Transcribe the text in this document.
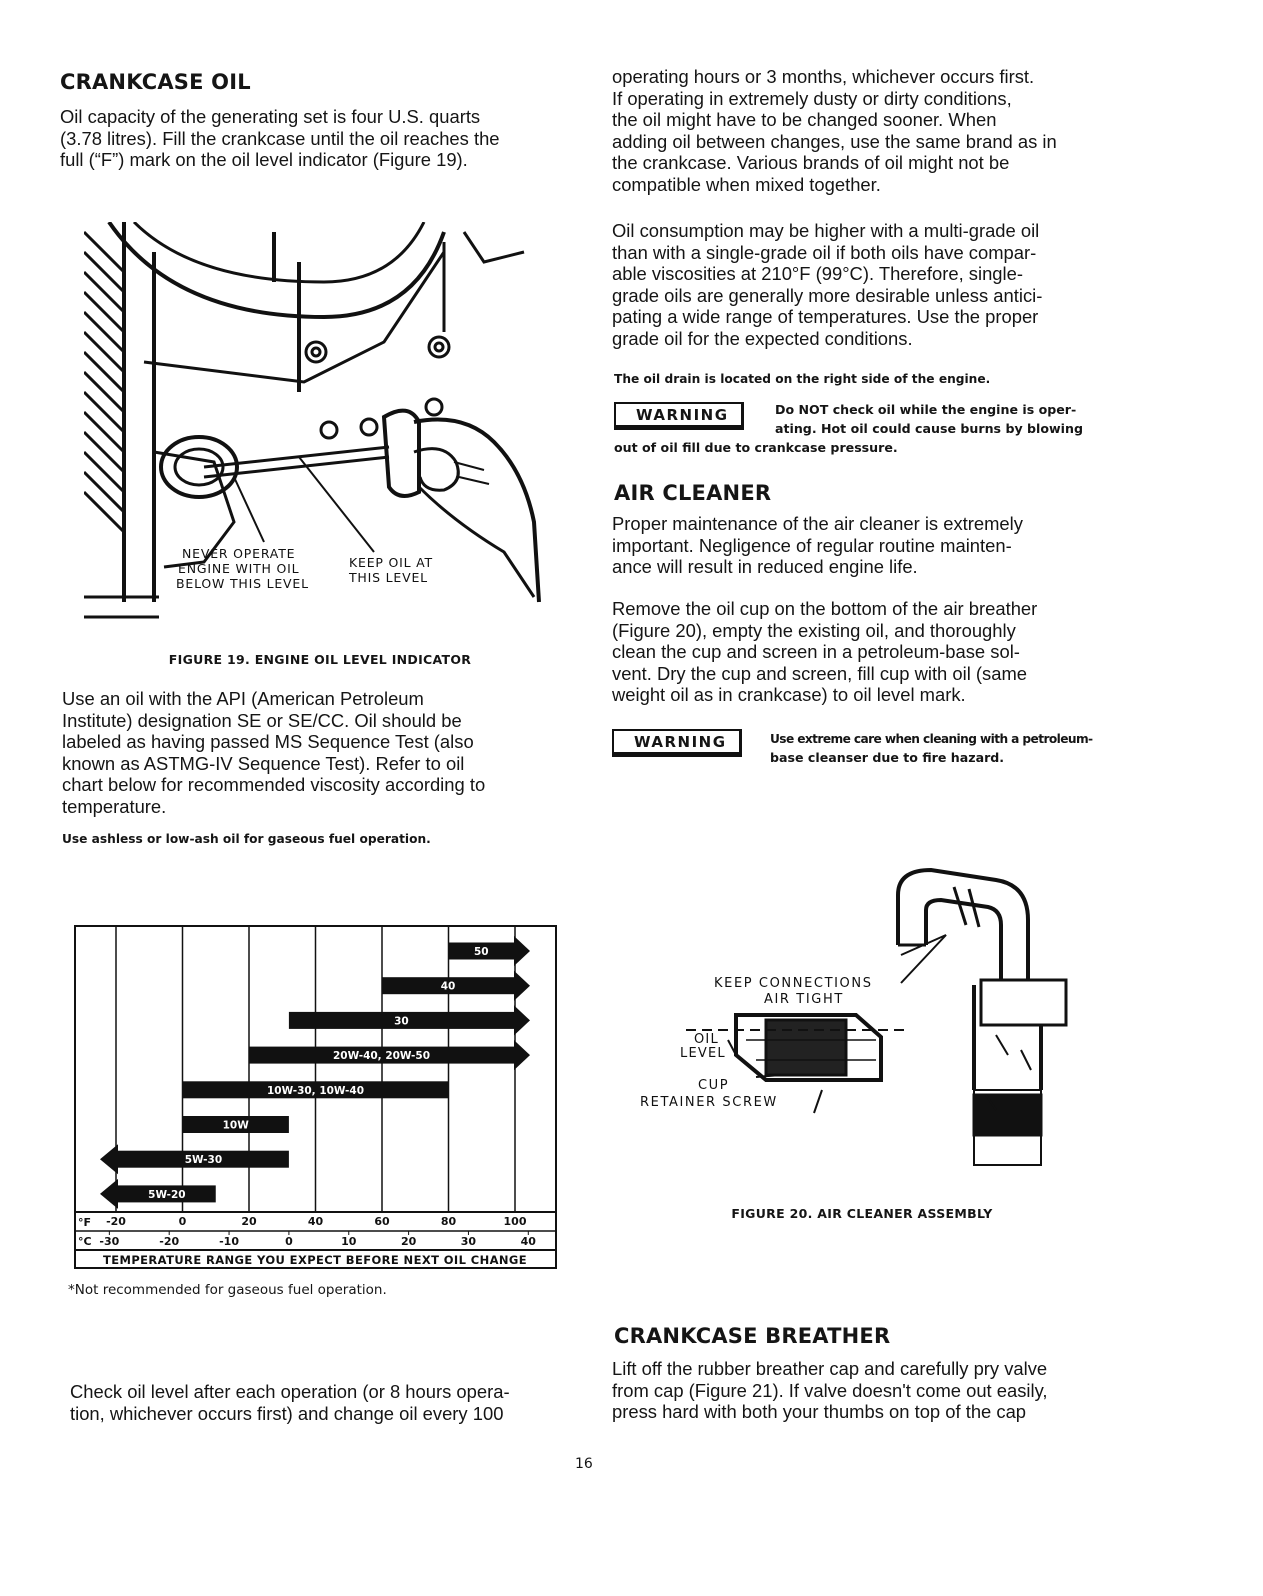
CRANKCASE OIL

Oil capacity of the generating set is four U.S. quarts

(3.78 litres). Fill the crankcase until the oil reaches the

full (“F”) mark on the oil level indicator (Figure 19).

NEVER OPERATE
ENGINE WITH OIL
BELOW THIS LEVEL
KEEP OIL AT
THIS LEVEL
FIGURE 19. ENGINE OIL LEVEL INDICATOR

Use an oil with the API (American Petroleum

Institute) designation SE or SE/CC. Oil should be

labeled as having passed MS Sequence Test (also

known as ASTMG-IV Sequence Test). Refer to oil

chart below for recommended viscosity according to

temperature.

Use ashless or low-ash oil for gaseous fuel operation.
50
40
30
20W-40, 20W-50
10W-30, 10W-40
10W
5W-30
5W-20
°F
°C
-20	0	20	40	60	80	100
-30	-20	-10	0	10	20	30	40
TEMPERATURE RANGE YOU EXPECT BEFORE NEXT OIL CHANGE
*Not recommended for gaseous fuel operation.

Check oil level after each operation (or 8 hours opera-

tion, whichever occurs first) and change oil every 100

operating hours or 3 months, whichever occurs first.

If operating in extremely dusty or dirty conditions,

the oil might have to be changed sooner. When

adding oil between changes, use the same brand as in

the crankcase. Various brands of oil might not be

compatible when mixed together.

Oil consumption may be higher with a multi-grade oil

than with a single-grade oil if both oils have compar-

able viscosities at 210°F (99°C). Therefore, single-

grade oils are generally more desirable unless antici-

pating a wide range of temperatures. Use the proper

grade oil for the expected conditions.

The oil drain is located on the right side of the engine.
WARNING	Do NOT check oil while the engine is oper-
ating. Hot oil could cause burns by blowing
out of oil fill due to crankcase pressure.
AIR CLEANER

Proper maintenance of the air cleaner is extremely

important. Negligence of regular routine mainten-

ance will result in reduced engine life.

Remove the oil cup on the bottom of the air breather

(Figure 20), empty the existing oil, and thoroughly

clean the cup and screen in a petroleum-base sol-

vent. Dry the cup and screen, fill cup with oil (same

weight oil as in crankcase) to oil level mark.

WARNING	Use extreme care when cleaning with a petroleum-
base cleanser due to fire hazard.
KEEP CONNECTIONS
AIR TIGHT
OIL
LEVEL
CUP
RETAINER SCREW
FIGURE 20. AIR CLEANER ASSEMBLY
CRANKCASE BREATHER

Lift off the rubber breather cap and carefully pry valve

from cap (Figure 21). If valve doesn't come out easily,

press hard with both your thumbs on top of the cap

16
